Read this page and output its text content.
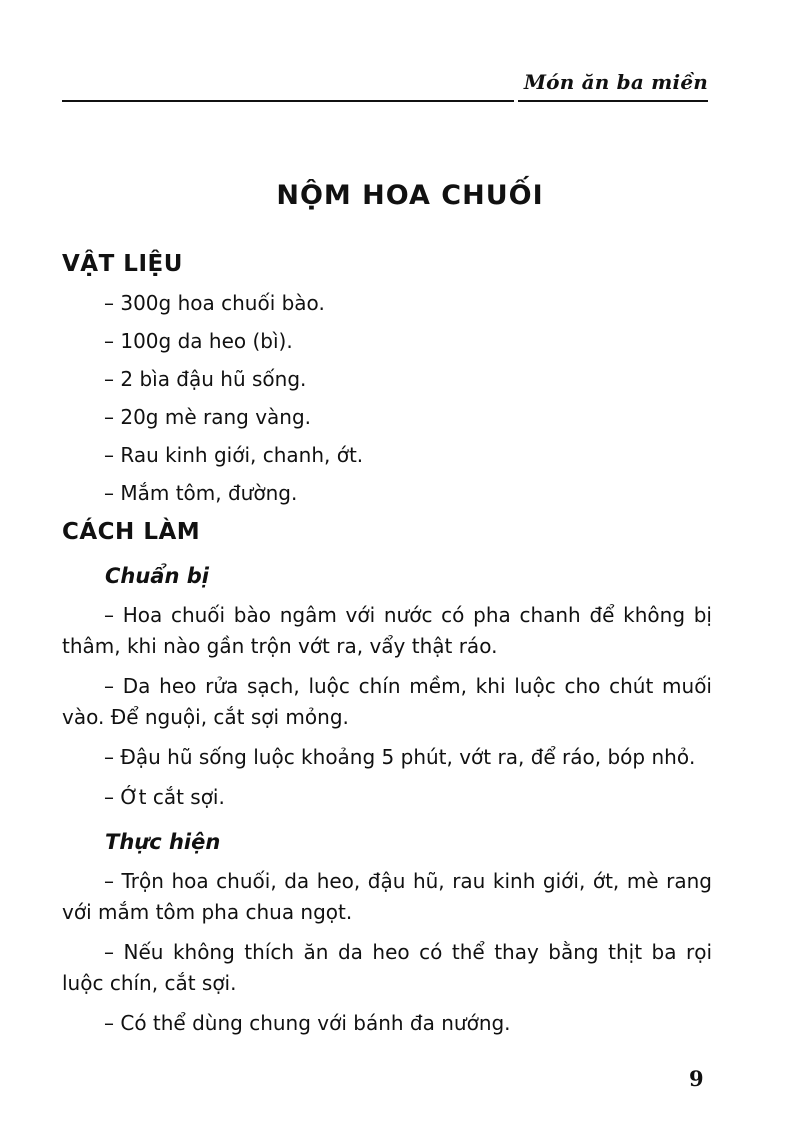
Món ăn ba miền
NỘM HOA CHUỐI
VẬT LIỆU

– 300g hoa chuối bào.

– 100g da heo (bì).

– 2 bìa đậu hũ sống.

– 20g mè rang vàng.

– Rau kinh giới, chanh, ớt.

– Mắm tôm, đường.

CÁCH LÀM
Chuẩn bị

– Hoa chuối bào ngâm với nước có pha chanh để không bị thâm, khi nào gần trộn vớt ra, vẩy thật ráo.

– Da heo rửa sạch, luộc chín mềm, khi luộc cho chút muối vào. Để nguội, cắt sợi mỏng.

– Đậu hũ sống luộc khoảng 5 phút, vớt ra, để ráo, bóp nhỏ.

– Ớt cắt sợi.

Thực hiện

– Trộn hoa chuối, da heo, đậu hũ, rau kinh giới, ớt, mè rang với mắm tôm pha chua ngọt.

– Nếu không thích ăn da heo có thể thay bằng thịt ba rọi luộc chín, cắt sợi.

– Có thể dùng chung với bánh đa nướng.

9
